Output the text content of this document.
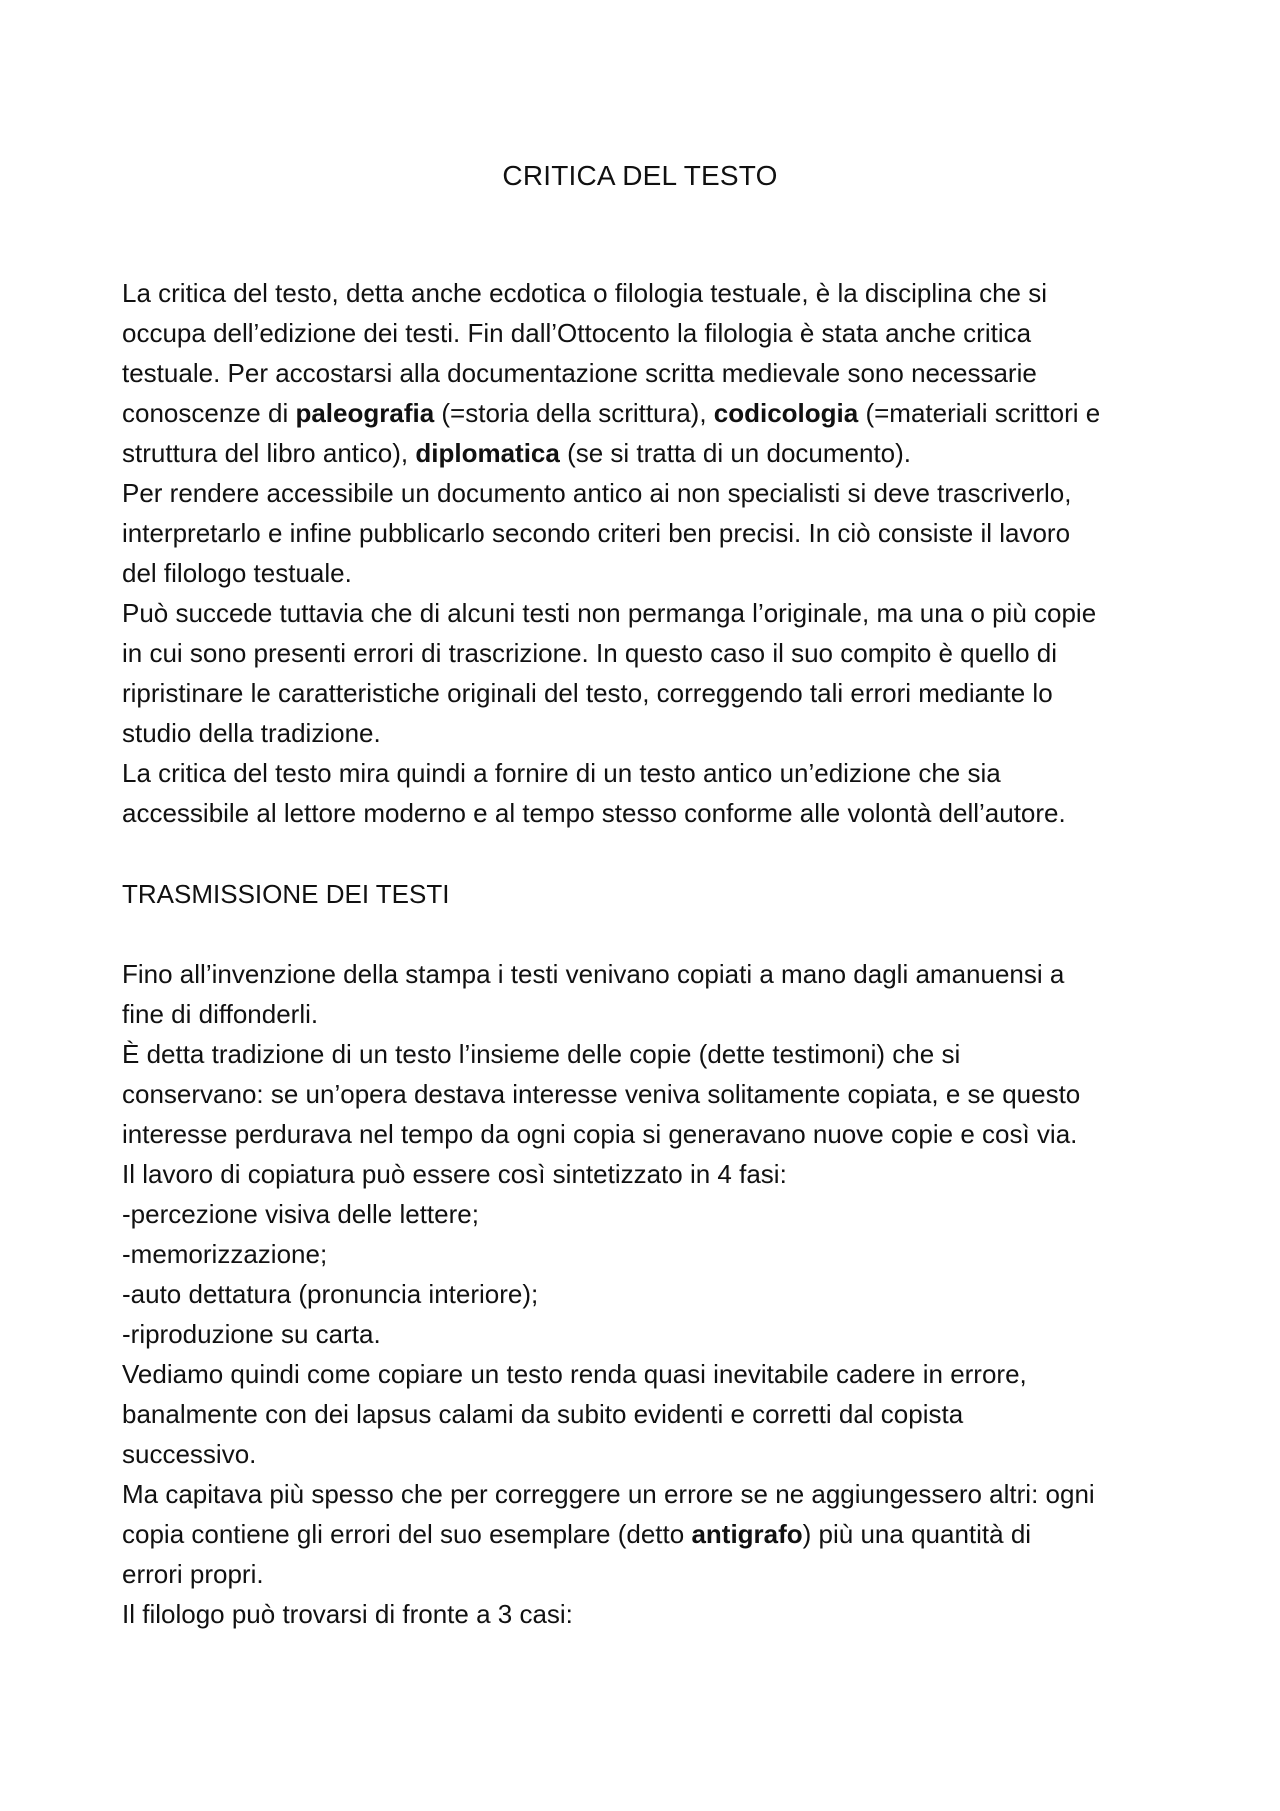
CRITICA DEL TESTO
La critica del testo, detta anche ecdotica o filologia testuale, è la disciplina che si
occupa dell’edizione dei testi. Fin dall’Ottocento la filologia è stata anche critica
testuale. Per accostarsi alla documentazione scritta medievale sono necessarie
conoscenze di paleografia (=storia della scrittura), codicologia (=materiali scrittori e
struttura del libro antico), diplomatica (se si tratta di un documento).
Per rendere accessibile un documento antico ai non specialisti si deve trascriverlo,
interpretarlo e infine pubblicarlo secondo criteri ben precisi. In ciò consiste il lavoro
del filologo testuale.
Può succede tuttavia che di alcuni testi non permanga l’originale, ma una o più copie
in cui sono presenti errori di trascrizione. In questo caso il suo compito è quello di
ripristinare le caratteristiche originali del testo, correggendo tali errori mediante lo
studio della tradizione.
La critica del testo mira quindi a fornire di un testo antico un’edizione che sia
accessibile al lettore moderno e al tempo stesso conforme alle volontà dell’autore.
TRASMISSIONE DEI TESTI
Fino all’invenzione della stampa i testi venivano copiati a mano dagli amanuensi a
fine di diffonderli.
È detta tradizione di un testo l’insieme delle copie (dette testimoni) che si
conservano: se un’opera destava interesse veniva solitamente copiata, e se questo
interesse perdurava nel tempo da ogni copia si generavano nuove copie e così via.
Il lavoro di copiatura può essere così sintetizzato in 4 fasi:
-percezione visiva delle lettere;
-memorizzazione;
-auto dettatura (pronuncia interiore);
-riproduzione su carta.
Vediamo quindi come copiare un testo renda quasi inevitabile cadere in errore,
banalmente con dei lapsus calami da subito evidenti e corretti dal copista
successivo.
Ma capitava più spesso che per correggere un errore se ne aggiungessero altri: ogni
copia contiene gli errori del suo esemplare (detto antigrafo) più una quantità di
errori propri.
Il filologo può trovarsi di fronte a 3 casi:
